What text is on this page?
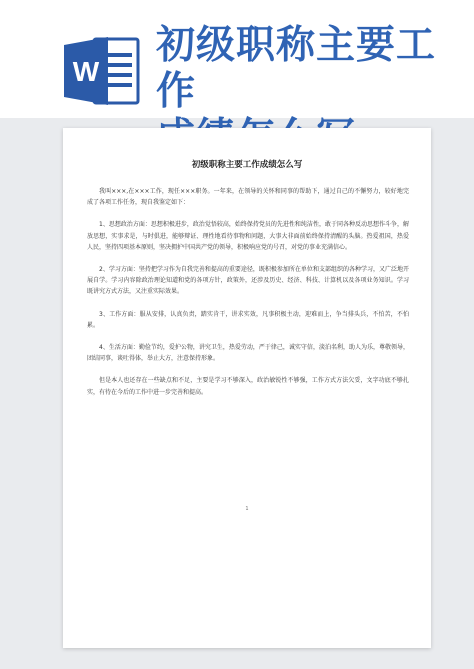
W
初级职称主要工作

初级职称主要工作成绩怎么写

我叫×××,在×××工作，现任×××职务。一年来，在领导的关怀和同事的帮助下，通过自己的不懈努力，较好地完成了各项工作任务，现自我鉴定如下：

1、思想政治方面：思想积极进步，政治觉悟较高，始终保持党员的先进性和纯洁性，敢于同各种反动思想作斗争，解放思想，实事求是，与时俱进，能够辩证、理性地看待事物和问题，大事大非面前始终保持清醒的头脑。热爱祖国，热爱人民，坚持四项基本原则，坚决拥护中国共产党的领导，积极响应党的号召，对党的事业充满信心。

2、学习方面：坚持把学习作为自我完善和提高的重要途径，既积极参加所在单位和支部组织的各种学习，又广泛地开展自学。学习内容除政治理论知道和党的各项方针，政策外，还涉及历史、经济、科技、计算机以及各项业务知识。学习既讲究方式方法，又注重实际效果。

3、工作方面：服从安排，认真负责，踏实肯干，讲求实效，凡事积极主动，迎难而上，争当排头兵，不怕苦，不怕累。

4、生活方面：勤俭节约，爱护公物，讲究卫生，热爱劳动，严于律己，诚实守信，淡泊名利，助人为乐，尊敬领导，团结同事，谈吐得体，举止大方，注意保持形象。

但是本人也还存在一些缺点和不足，主要是学习不够深入，政治敏锐性不够强，工作方式方法欠妥，文字功底不够扎实，有待在今后的工作中进一步完善和提高。

1
